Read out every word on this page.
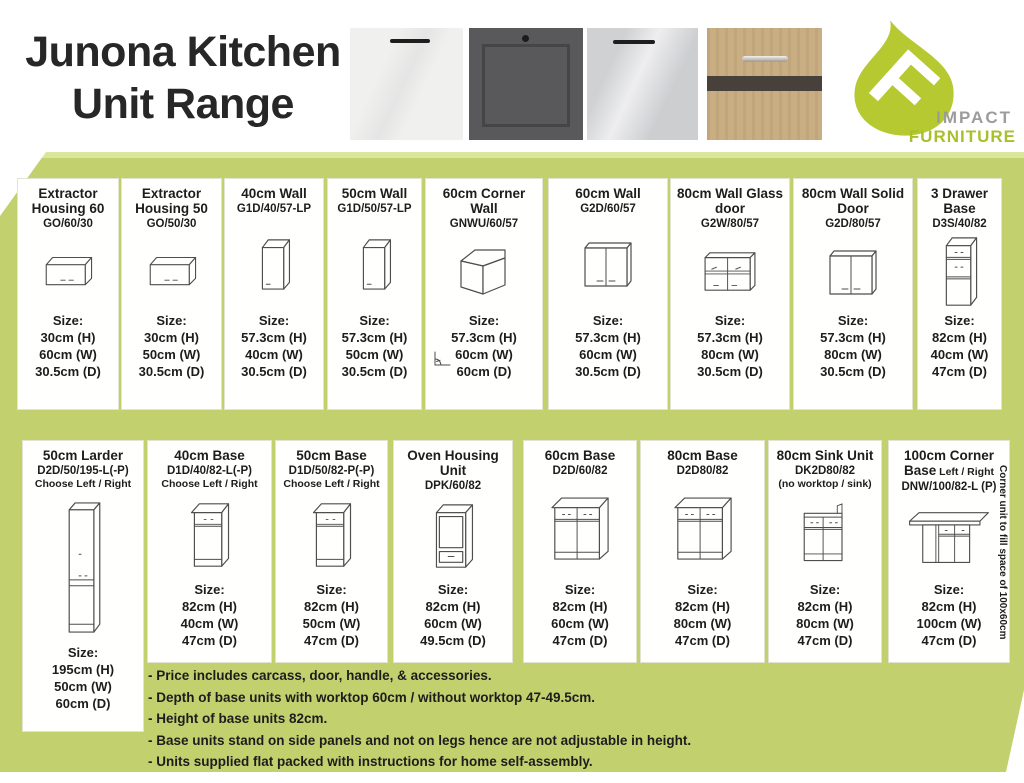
Junona Kitchen
Unit Range	F
IMPACT
FURNITURE
Extractor Housing 60
GO/60/30
Size:
30cm (H)
60cm (W)
30.5cm (D)
Extractor Housing 50
GO/50/30
Size:
30cm (H)
50cm (W)
30.5cm (D)
40cm Wall
G1D/40/57-LP
Size:
57.3cm (H)
40cm (W)
30.5cm (D)
50cm Wall
G1D/50/57-LP
Size:
57.3cm (H)
50cm (W)
30.5cm (D)
60cm Corner Wall
GNWU/60/57
Size:
57.3cm (H)
60cm (W)
60cm (D)
60cm Wall
G2D/60/57
Size:
57.3cm (H)
60cm (W)
30.5cm (D)
80cm Wall Glass door
G2W/80/57
Size:
57.3cm (H)
80cm (W)
30.5cm (D)
80cm Wall Solid Door
G2D/80/57
Size:
57.3cm (H)
80cm (W)
30.5cm (D)
3 Drawer Base
D3S/40/82
Size:
82cm (H)
40cm (W)
47cm (D)
50cm Larder
D2D/50/195-L(-P)
Choose Left / Right
Size:
195cm (H)
50cm (W)
60cm (D)
40cm Base
D1D/40/82-L(-P)
Choose Left / Right
Size:
82cm (H)
40cm (W)
47cm (D)
50cm Base
D1D/50/82-P(-P)
Choose Left / Right
Size:
82cm (H)
50cm (W)
47cm (D)
Oven Housing Unit
DPK/60/82
Size:
82cm (H)
60cm (W)
49.5cm (D)
60cm Base
D2D/60/82
Size:
82cm (H)
60cm (W)
47cm (D)
80cm Base
D2D80/82
Size:
82cm (H)
80cm (W)
47cm (D)
80cm Sink Unit
DK2D80/82
(no worktop / sink)
Size:
82cm (H)
80cm (W)
47cm (D)
100cm Corner Base Left / Right
DNW/100/82-L (P)
Size:
82cm (H)
100cm (W)
47cm (D)
Corner unit to fill space of 100x60cm
- Price includes carcass, door, handle, & accessories.
- Depth of base units with worktop 60cm / without worktop 47-49.5cm.
- Height of base units 82cm.
- Base units stand on side panels and not on legs hence are not adjustable in height.
- Units supplied flat packed with instructions for home self-assembly.
